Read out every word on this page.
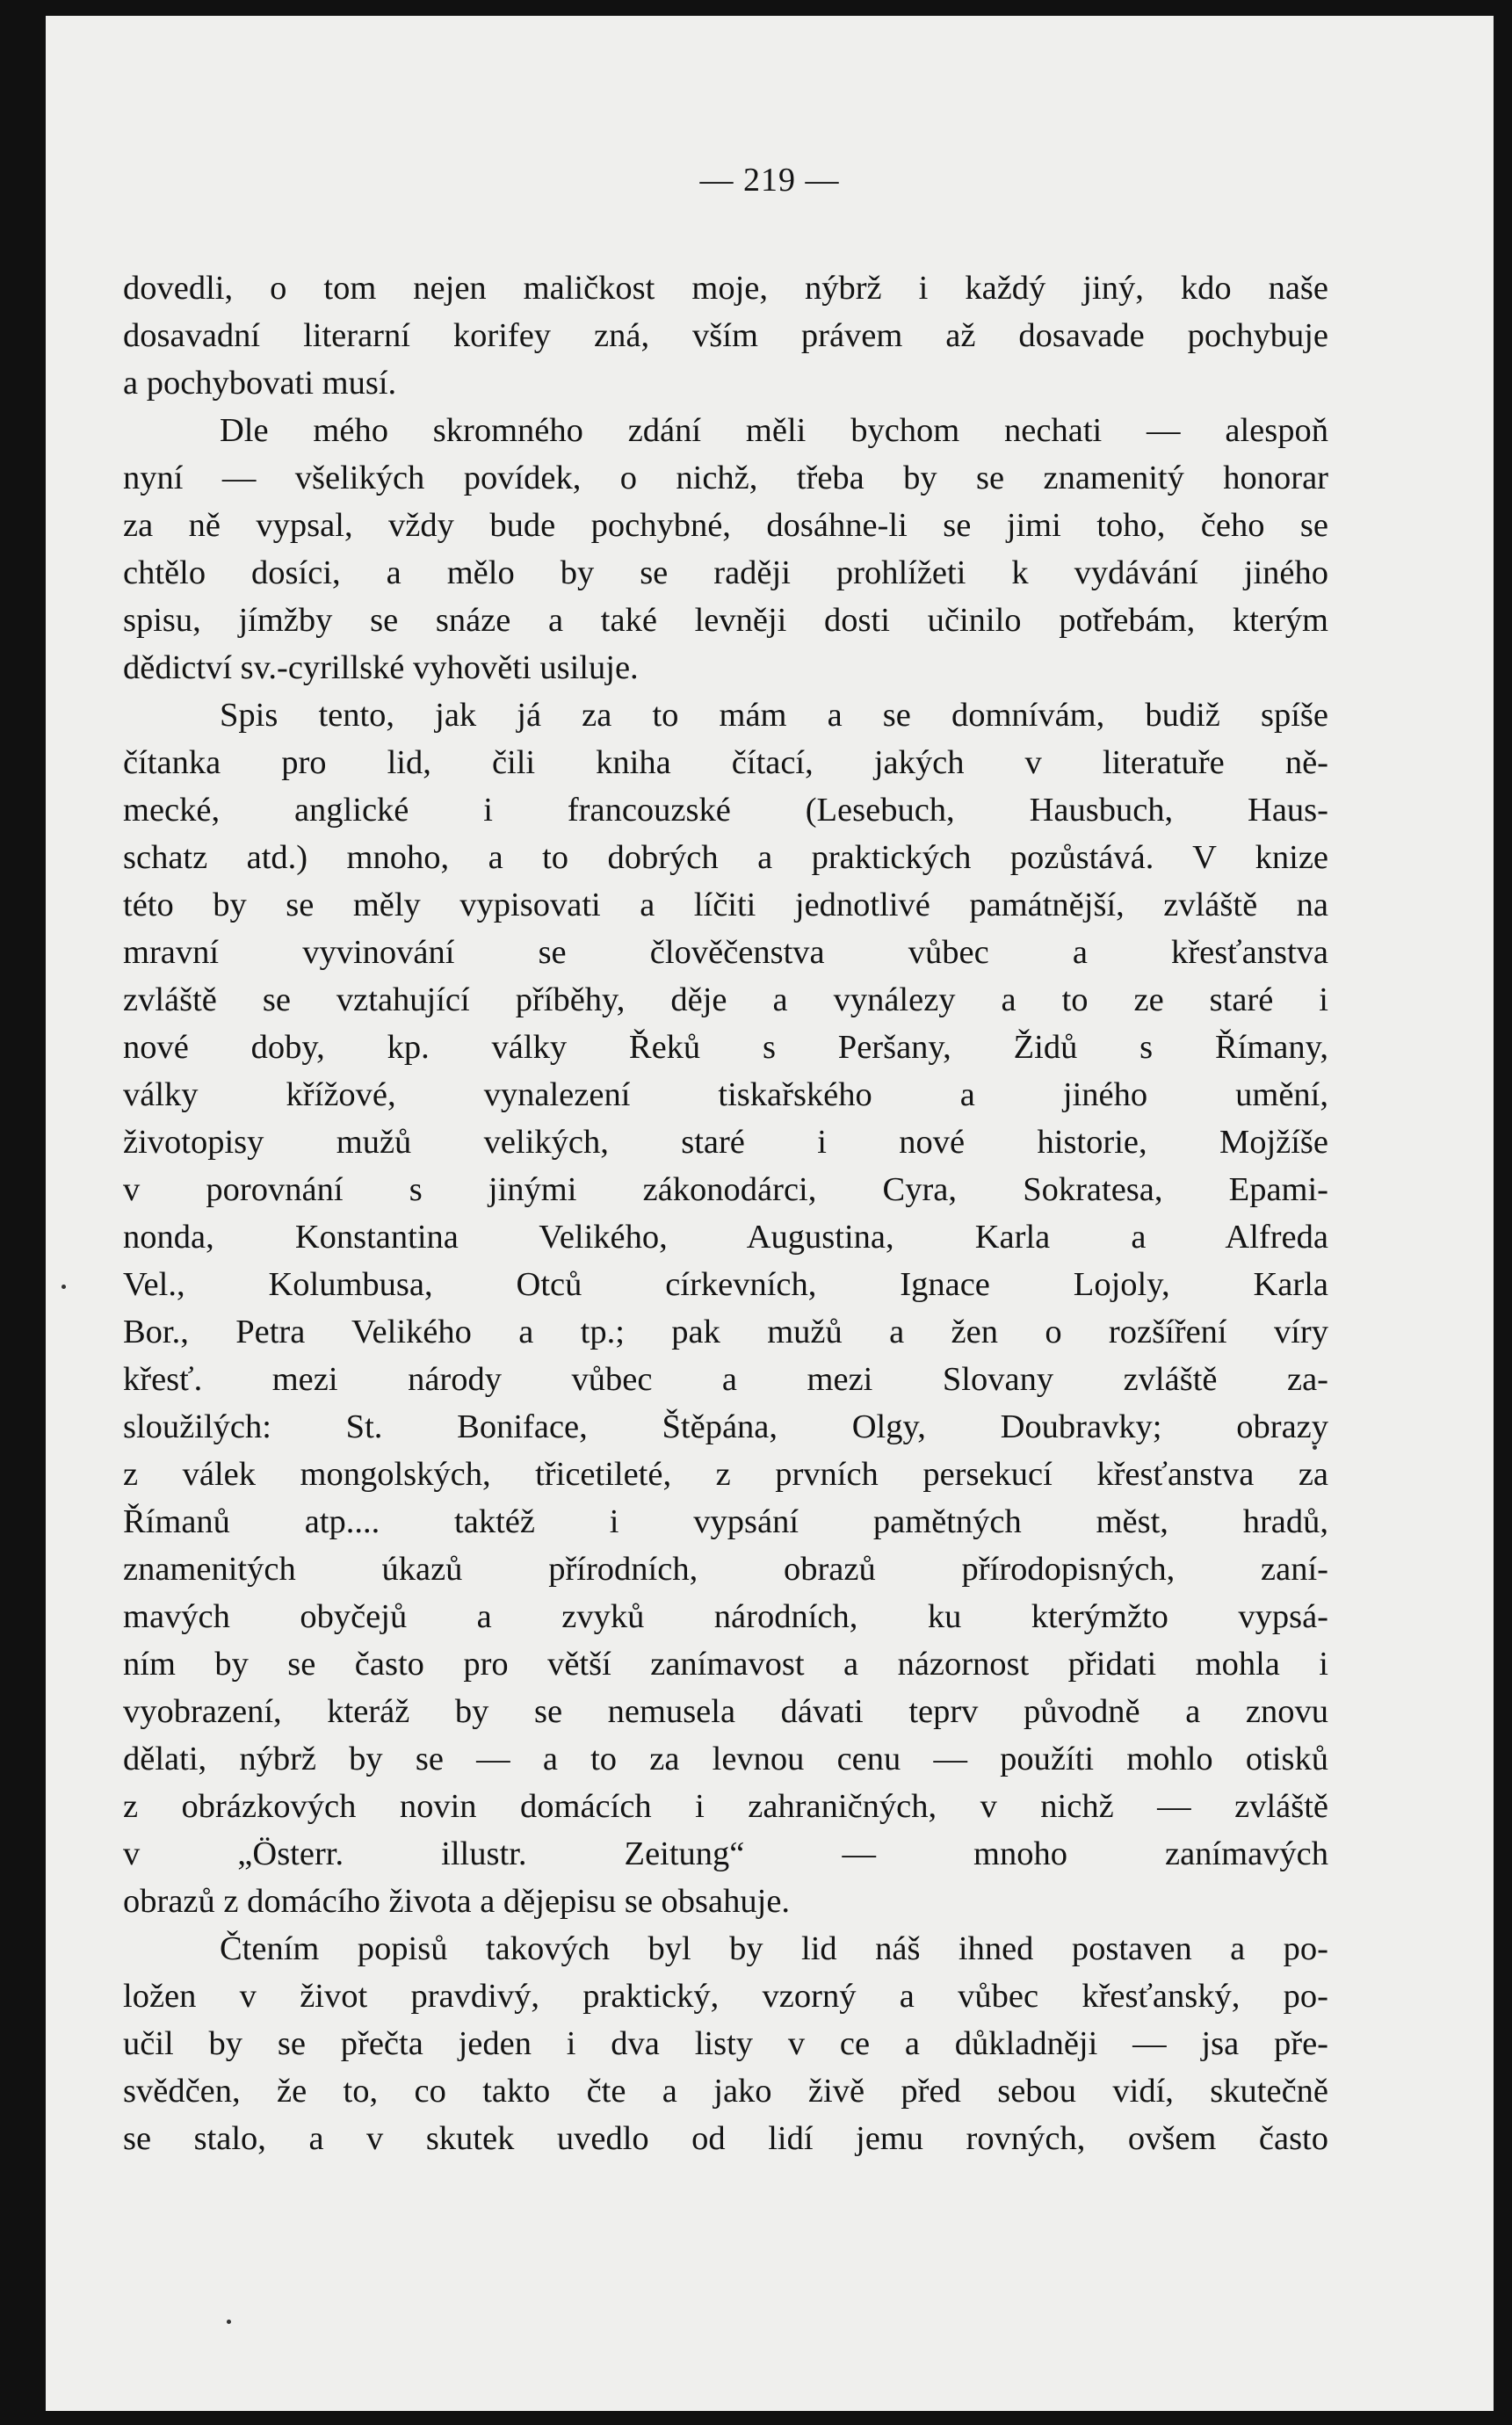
— 219 —
dovedli, o tom nejen maličkost moje, nýbrž i každý jiný, kdo naše
dosavadní literarní korifey zná, vším právem až dosavade pochybuje
a pochybovati musí.
Dle mého skromného zdání měli bychom nechati — alespoň
nyní — všelikých povídek, o nichž, třeba by se znamenitý honorar
za ně vypsal, vždy bude pochybné, dosáhne-li se jimi toho, čeho se
chtělo dosíci, a mělo by se raději prohlížeti k vydávání jiného
spisu, jímžby se snáze a také levněji dosti učinilo potřebám, kterým
dědictví sv.-cyrillské vyhověti usiluje.
Spis tento, jak já za to mám a se domnívám, budiž spíše
čítanka pro lid, čili kniha čítací, jakých v literatuře ně-
mecké, anglické i francouzské (Lesebuch, Hausbuch, Haus-
schatz atd.) mnoho, a to dobrých a praktických pozůstává. V knize
této by se měly vypisovati a líčiti jednotlivé památnější, zvláště na
mravní vyvinování se člověčenstva vůbec a křesťanstva
zvláště se vztahující příběhy, děje a vynálezy a to ze staré i
nové doby, kp. války Řeků s Peršany, Židů s Římany,
války křížové, vynalezení tiskařského a jiného umění,
životopisy mužů velikých, staré i nové historie, Mojžíše
v porovnání s jinými zákonodárci, Cyra, Sokratesa, Epami-
nonda, Konstantina Velikého, Augustina, Karla a Alfreda
Vel., Kolumbusa, Otců církevních, Ignace Lojoly, Karla
Bor., Petra Velikého a tp.; pak mužů a žen o rozšíření víry
křesť. mezi národy vůbec a mezi Slovany zvláště za-
sloužilých: St. Boniface, Štěpána, Olgy, Doubravky; obrazy
z válek mongolských, třicetileté, z prvních persekucí křesťanstva za
Římanů atp.... taktéž i vypsání pamětných měst, hradů,
znamenitých úkazů přírodních, obrazů přírodopisných, zaní-
mavých obyčejů a zvyků národních, ku kterýmžto vypsá-
ním by se často pro větší zanímavost a názornost přidati mohla i
vyobrazení, kteráž by se nemusela dávati teprv původně a znovu
dělati, nýbrž by se — a to za levnou cenu — použíti mohlo otisků
z obrázkových novin domácích i zahraničných, v nichž — zvláště
v „Österr. illustr. Zeitung“ — mnoho zanímavých
obrazů z domácího života a dějepisu se obsahuje.
Čtením popisů takových byl by lid náš ihned postaven a po-
ložen v život pravdivý, praktický, vzorný a vůbec křesťanský, po-
učil by se přečta jeden i dva listy v ce a důkladněji — jsa pře-
svědčen, že to, co takto čte a jako živě před sebou vidí, skutečně
se stalo, a v skutek uvedlo od lidí jemu rovných, ovšem často
